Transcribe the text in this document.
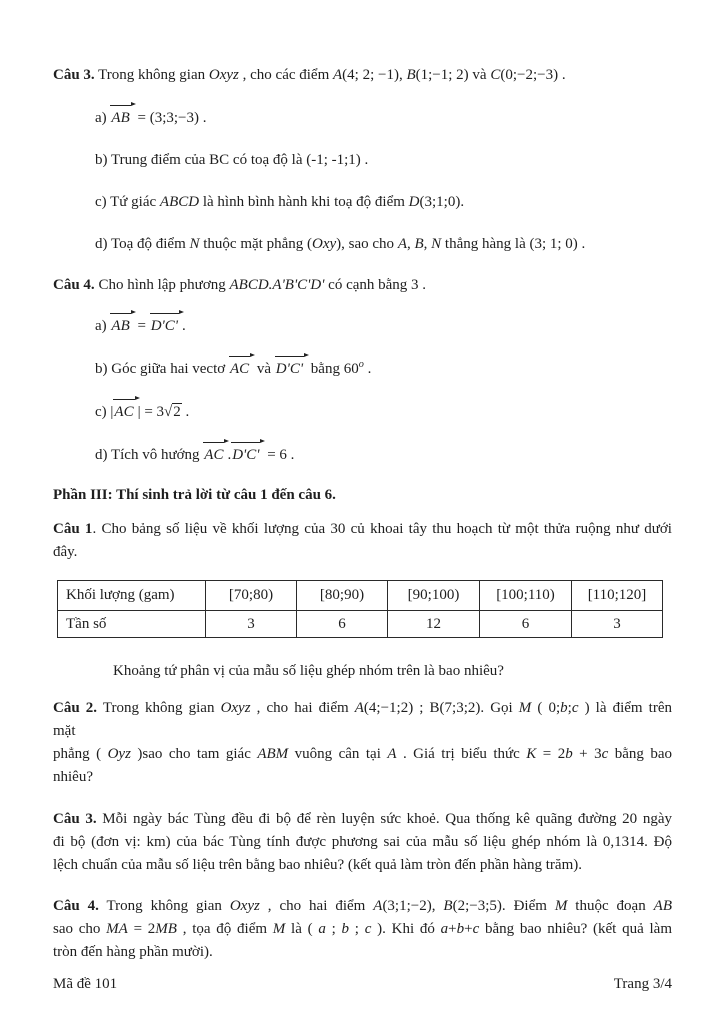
Câu 3. Trong không gian Oxyz , cho các điểm A(4; 2; −1), B(1;−1; 2) và C(0;−2;−3) .
a) AB = (3;3;−3) .
b) Trung điểm của BC có toạ độ là (-1; -1;1) .
c) Tứ giác ABCD là hình bình hành khi toạ độ điểm D(3;1;0).
d) Toạ độ điểm N thuộc mặt phẳng (Oxy), sao cho A, B, N thẳng hàng là (3; 1; 0) .
Câu 4. Cho hình lập phương ABCD.A'B'C'D' có cạnh bằng 3 .
a) AB = D'C' .
b) Góc giữa hai vectơ AC và D'C' bằng 60$^o$ .
c) |AC | = 3√2 .
d) Tích vô hướng AC .D'C' = 6 .
Phần III: Thí sinh trả lời từ câu 1 đến câu 6.
Câu 1. Cho bảng số liệu về khối lượng của 30 củ khoai tây thu hoạch từ một thửa ruộng như dưới
đây.
Khối lượng (gam)	[70;80)	[80;90)	[90;100)	[100;110)	[110;120]
Tần số	3	6	12	6	3
Khoảng tứ phân vị của mẫu số liệu ghép nhóm trên là bao nhiêu?
Câu 2. Trong không gian Oxyz , cho hai điểm A(4;−1;2) ; B(7;3;2). Gọi M ( 0;b;c ) là điểm trên
mặt
phẳng ( Oyz )sao cho tam giác ABM vuông cân tại A . Giá trị biểu thức K = 2b + 3c bằng bao
nhiêu?
Câu 3. Mỗi ngày bác Tùng đều đi bộ để rèn luyện sức khoẻ. Qua thống kê quãng đường 20 ngày
đi bộ (đơn vị: km) của bác Tùng tính được phương sai của mẫu số liệu ghép nhóm là 0,1314. Độ
lệch chuẩn của mẫu số liệu trên bằng bao nhiêu? (kết quả làm tròn đến phần hàng trăm).
Câu 4. Trong không gian Oxyz , cho hai điểm A(3;1;−2), B(2;−3;5). Điểm M thuộc đoạn AB
sao cho MA = 2MB , tọa độ điểm M là ( a ; b ; c ). Khi đó a+b+c bằng bao nhiêu? (kết quả làm
tròn đến hàng phần mười).
Mã đề 101	Trang 3/4
